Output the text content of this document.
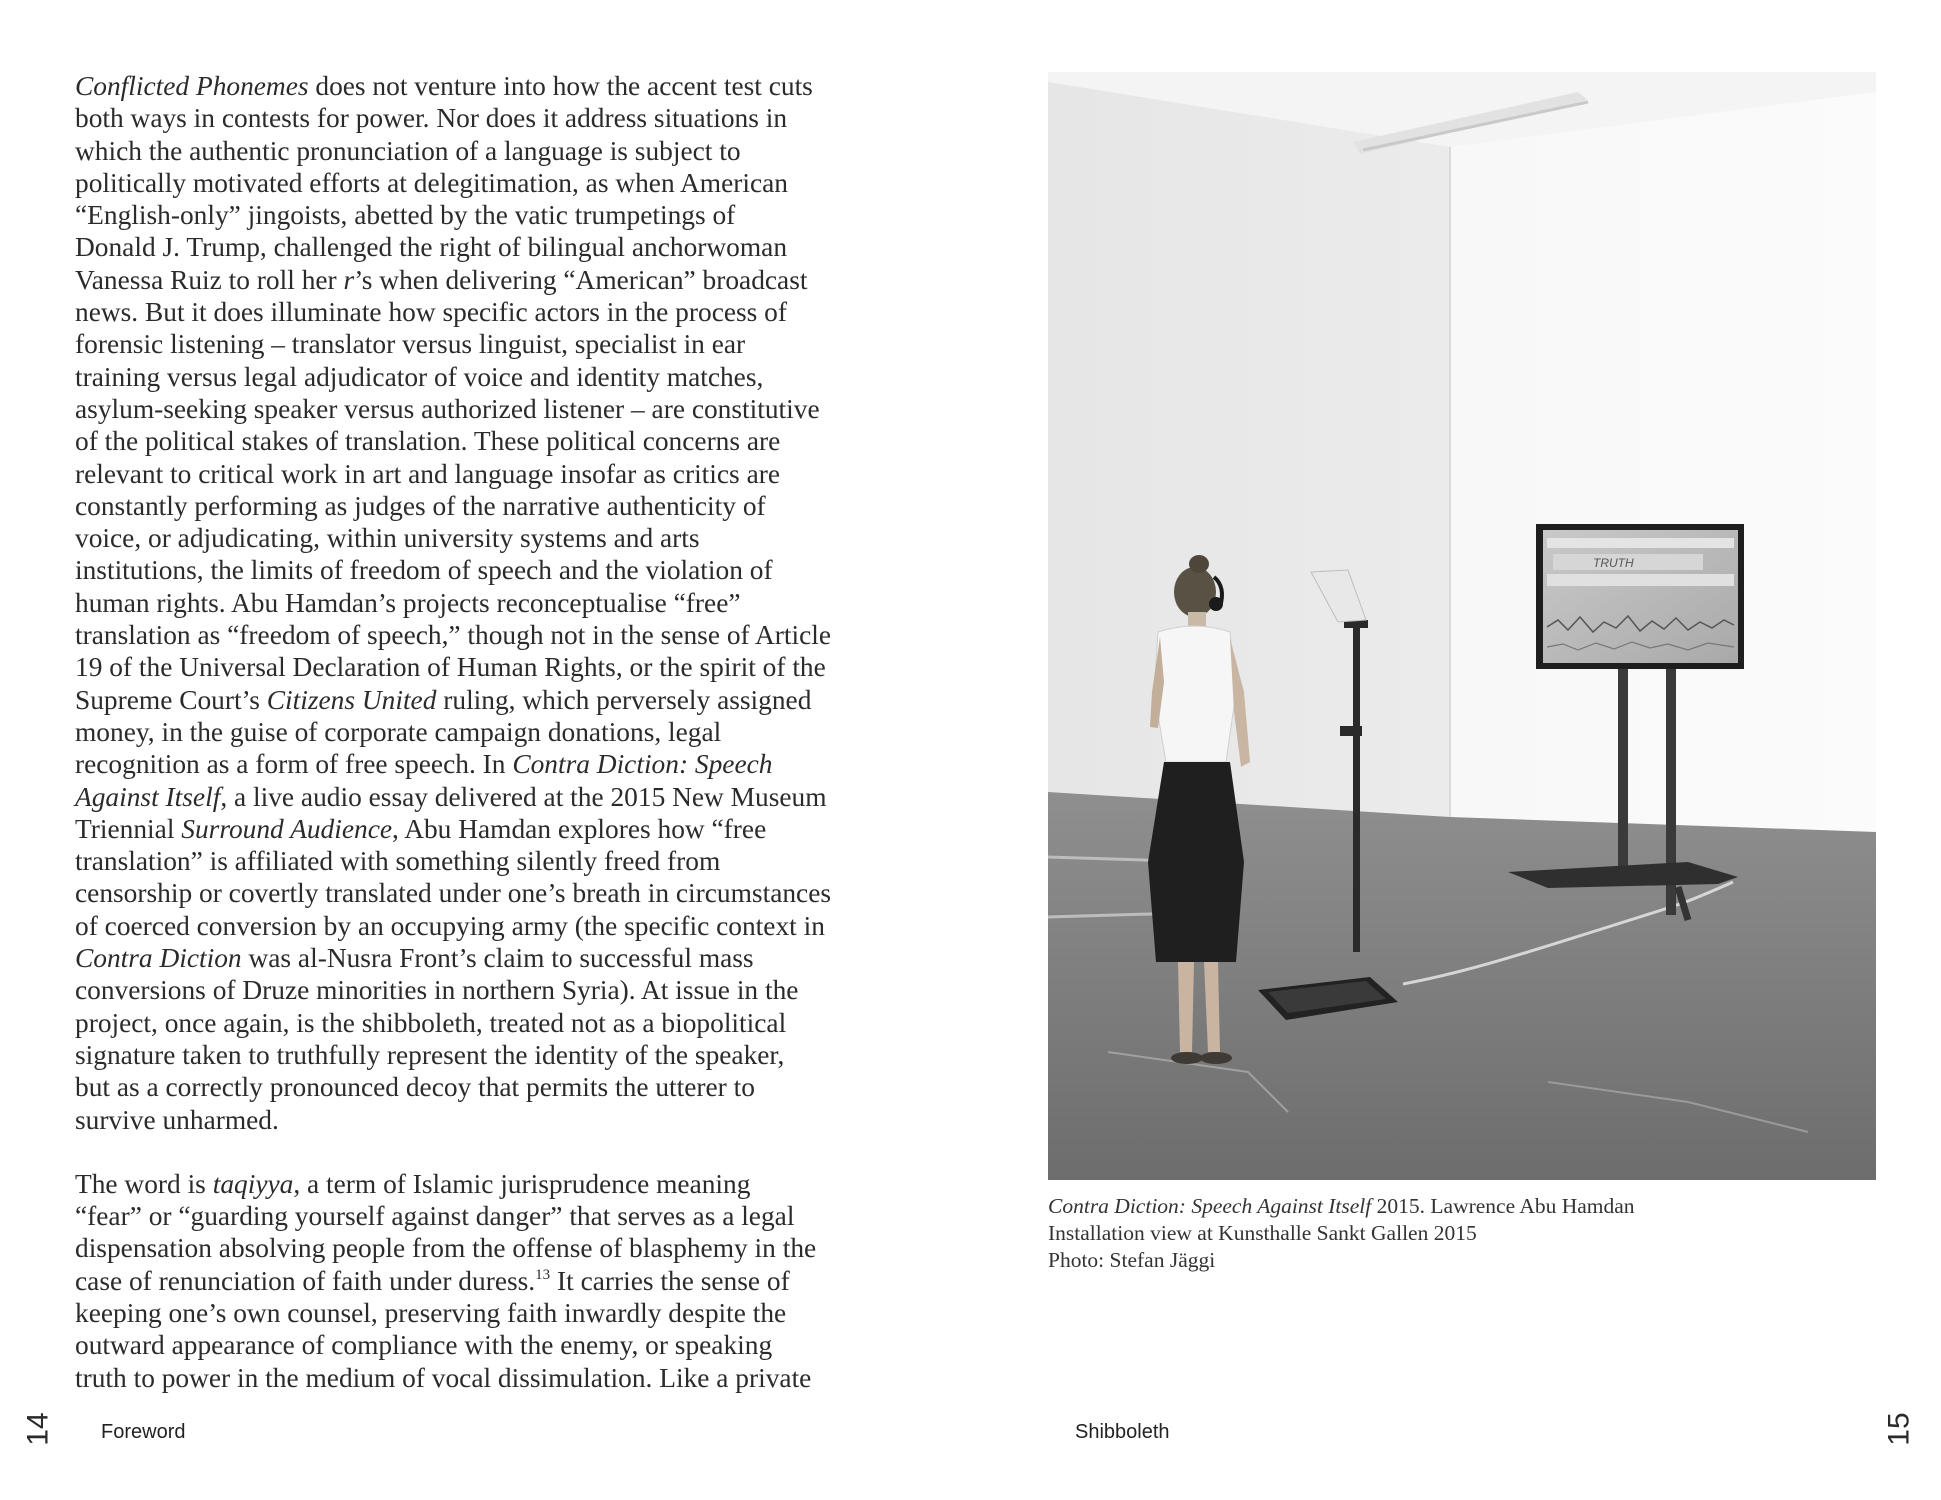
14 Foreword	Shibboleth	15

Conflicted Phonemes does not venture into how the accent test cuts
both ways in contests for power. Nor does it address situations in
which the authentic pronunciation of a language is subject to
politically motivated efforts at delegitimation, as when American
“English-only” jingoists, abetted by the vatic trumpetings of
Donald J. Trump, challenged the right of bilingual anchorwoman
Vanessa Ruiz to roll her r’s when delivering “American” broadcast
news. But it does illuminate how specific actors in the process of
forensic listening – translator versus linguist, specialist in ear
training versus legal adjudicator of voice and identity matches,
asylum-seeking speaker versus authorized listener – are constitutive
of the political stakes of translation. These political concerns are
relevant to critical work in art and language insofar as critics are
constantly performing as judges of the narrative authenticity of
voice, or adjudicating, within university systems and arts
institutions, the limits of freedom of speech and the violation of
human rights. Abu Hamdan’s projects reconceptualise “free”
translation as “freedom of speech,” though not in the sense of Article
19 of the Universal Declaration of Human Rights, or the spirit of the
Supreme Court’s Citizens United ruling, which perversely assigned
money, in the guise of corporate campaign donations, legal
recognition as a form of free speech. In Contra Diction: Speech
Against Itself, a live audio essay delivered at the 2015 New Museum
Triennial Surround Audience, Abu Hamdan explores how “free
translation” is affiliated with something silently freed from
censorship or covertly translated under one’s breath in circumstances
of coerced conversion by an occupying army (the specific context in
Contra Diction was al-Nusra Front’s claim to successful mass
conversions of Druze minorities in northern Syria). At issue in the
project, once again, is the shibboleth, treated not as a biopolitical
signature taken to truthfully represent the identity of the speaker,
but as a correctly pronounced decoy that permits the utterer to
survive unharmed.

The word is taqiyya, a term of Islamic jurisprudence meaning
“fear” or “guarding yourself against danger” that serves as a legal
dispensation absolving people from the offense of blasphemy in the
case of renunciation of faith under duress.$^{13}$ It carries the sense of
keeping one’s own counsel, preserving faith inwardly despite the
outward appearance of compliance with the enemy, or speaking
truth to power in the medium of vocal dissimulation. Like a private

TRUTH
Contra Diction: Speech Against Itself 2015. Lawrence Abu Hamdan
Installation view at Kunsthalle Sankt Gallen 2015
Photo: Stefan Jäggi
